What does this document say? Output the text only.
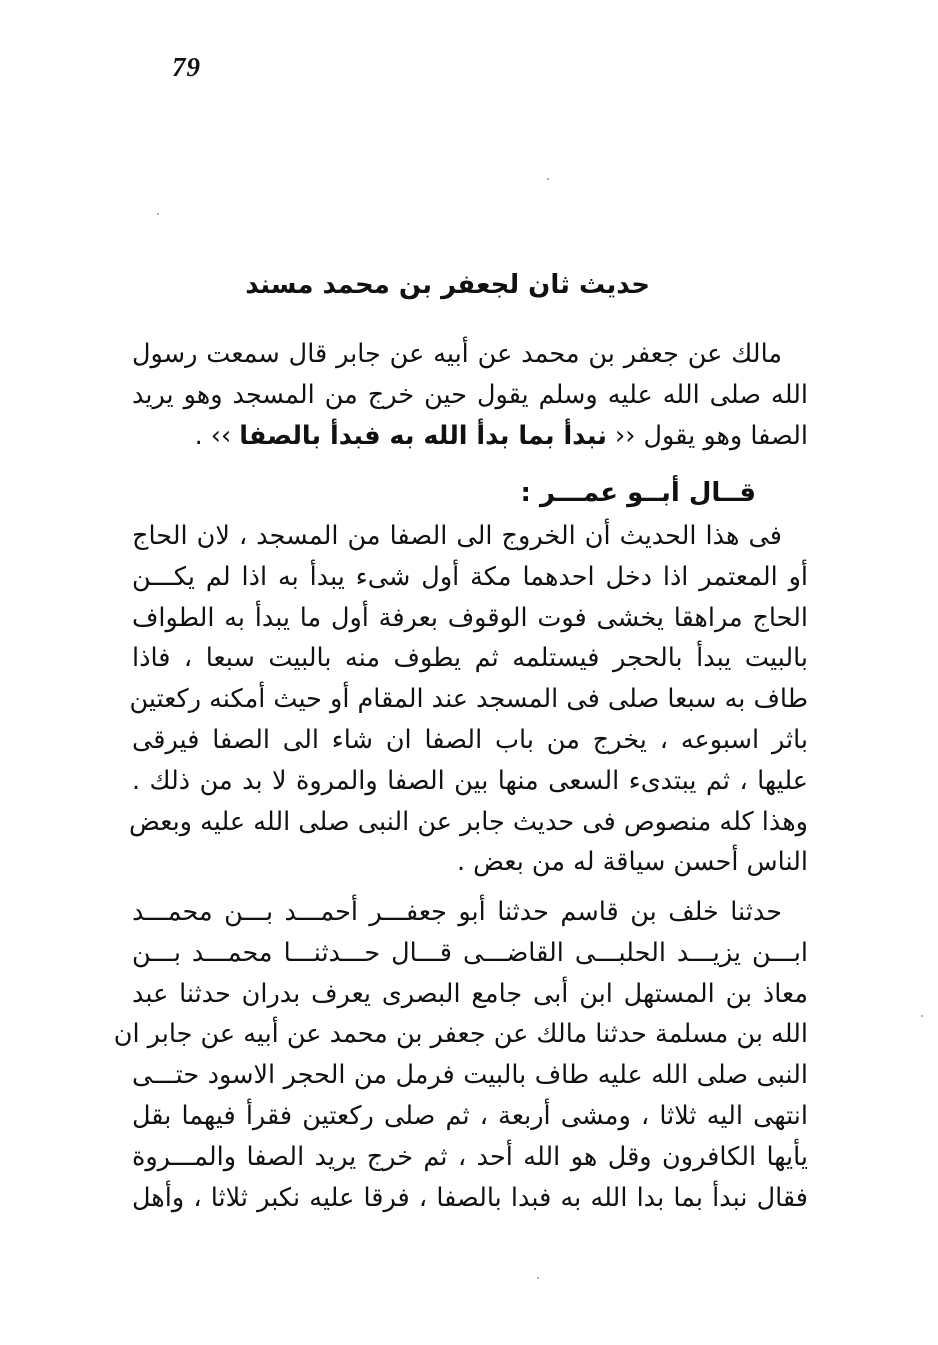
79
حديث ثان لجعفر بن محمد مسند
مالك عن جعفر بن محمد عن أبيه عن جابر قال سمعت رسول
الله صلى الله عليه وسلم يقول حين خرج من المسجد وهو يريد
الصفا وهو يقول ‹‹ نبدأ بما بدأ الله به فبدأ بالصفا ›› .
قــال أبــو عمـــر :
فى هذا الحديث أن الخروج الى الصفا من المسجد ، لان الحاج
أو المعتمر اذا دخل احدهما مكة أول شىء يبدأ به اذا لم يكـــن
الحاج مراهقا يخشى فوت الوقوف بعرفة أول ما يبدأ به الطواف
بالبيت يبدأ بالحجر فيستلمه ثم يطوف منه بالبيت سبعا ، فاذا
طاف به سبعا صلى فى المسجد عند المقام أو حيث أمكنه ركعتين
باثر اسبوعه ، يخرج من باب الصفا ان شاء الى الصفا فيرقى
عليها ، ثم يبتدىء السعى منها بين الصفا والمروة لا بد من ذلك .
وهذا كله منصوص فى حديث جابر عن النبى صلى الله عليه وبعض
الناس أحسن سياقة له من بعض .
حدثنا خلف بن قاسم حدثنا أبو جعفـــر أحمـــد بـــن محمـــد
ابـــن يزيـــد الحلبـــى القاضـــى قـــال حـــدثنـــا محمـــد بـــن
معاذ بن المستهل ابن أبى جامع البصرى يعرف بدران حدثنا عبد
الله بن مسلمة حدثنا مالك عن جعفر بن محمد عن أبيه عن جابر ان
النبى صلى الله عليه طاف بالبيت فرمل من الحجر الاسود حتـــى
انتهى اليه ثلاثا ، ومشى أربعة ، ثم صلى ركعتين فقرأ فيهما بقل
يأيها الكافرون وقل هو الله أحد ، ثم خرج يريد الصفا والمـــروة
فقال نبدأ بما بدا الله به فبدا بالصفا ، فرقا عليه نكبر ثلاثا ، وأهل
